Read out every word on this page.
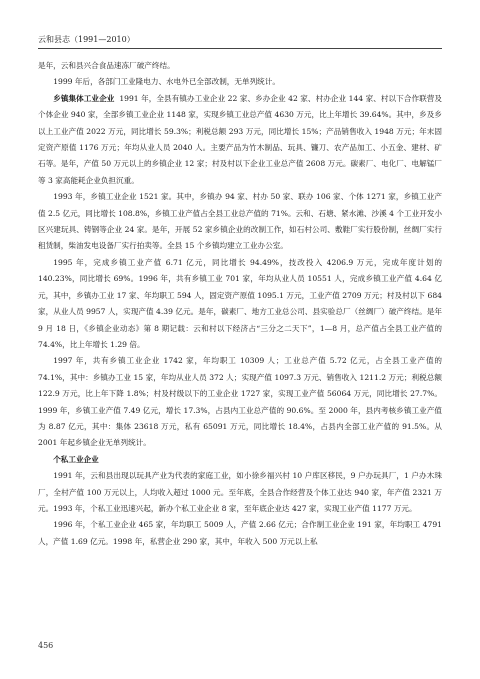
云和县志（1991—2010）

是年，云和县兴合食品速冻厂破产终结。

1999 年后，各部门工业隆电力、水电外已全部改制，无单列统计。

乡镇集体工业企业 1991 年，全县有镇办工业企业 22 家、乡办企业 42 家、村办企业 144 家、村以下合作联营及个体企业 940 家，全部乡镇工业企业 1148 家，实现乡镇工业总产值 4630 万元，比上年增长 39.64%。其中，乡及乡以上工业产值 2022 万元，同比增长 59.3%；利税总额 293 万元，同比增长 15%；产品销售收入 1948 万元；年末固定资产原值 1176 万元；年均从业人员 2040 人。主要产品为竹木制品、玩具、镰刀、农产品加工、小五金、建材、矿石等。是年，产值 50 万元以上的乡镇企业 12 家；村及村以下企业工业总产值 2608 万元。碳素厂、电化厂、电解锰厂等 3 家高能耗企业负担沉重。

1993 年，乡镇工业企业 1521 家。其中，乡镇办 94 家、村办 50 家、联办 106 家、个体 1271 家，乡镇工业产值 2.5 亿元，同比增长 108.8%，乡镇工业产值占全县工业总产值的 71%。云和、石塘、紧水滩、沙溪 4 个工业开发小区兴建玩具、铸钢等企业 24 家。是年，开展 52 家乡镇企业的改制工作，如石村公司、敷鞋厂实行股份制，丝绸厂实行租赁制，柴油发电设备厂实行拍卖等。全县 15 个乡镇均建立工业办公室。

1995 年，完成乡镇工业产值 6.71 亿元，同比增长 94.49%，技改投入 4206.9 万元，完成年度计划的 140.23%，同比增长 69%。1996 年，共有乡镇工业 701 家，年均从业人员 10551 人，完成乡镇工业产值 4.64 亿元，其中，乡镇办工业 17 家、年均职工 594 人，固定资产原值 1095.1 万元，工业产值 2709 万元；村及村以下 684 家，从业人员 9957 人，实现产值 4.39 亿元。是年，碳素厂、地方工业总公司、县实验总厂（丝绸厂）破产终结。是年 9 月 18 日，《乡镇企业动态》第 8 期记载：云和村以下经济占“三分之二天下”，1—8 月，总产值占全县工业产值的 74.4%，比上年增长 1.29 倍。

1997 年，共有乡镇工业企业 1742 家，年均职工 10309 人；工业总产值 5.72 亿元，占全县工业产值的 74.1%，其中：乡镇办工业 15 家，年均从业人员 372 人；实现产值 1097.3 万元、销售收入 1211.2 万元；利税总额 122.9 万元，比上年下降 1.8%；村及村级以下的工业企业 1727 家，实现工业产值 56064 万元，同比增长 27.7%。1999 年，乡镇工业产值 7.49 亿元，增长 17.3%，占县内工业总产值的 90.6%。至 2000 年，县内考核乡镇工业产值为 8.87 亿元，其中：集体 23618 万元，私有 65091 万元，同比增长 18.4%，占县内全部工业产值的 91.5%。从 2001 年起乡镇企业无单列统计。

个私工业企业

1991 年，云和县出现以玩具产业为代表的家庭工业，如小徐乡福兴村 10 户库区移民，9 户办玩具厂，1 户办木珠厂，全村产值 100 万元以上，人均收入超过 1000 元。至年底，全县合作经营及个体工业达 940 家，年产值 2321 万元。1993 年，个私工业迅速兴起，新办个私工业企业 8 家，至年底企业达 427 家，实现工业产值 1177 万元。

1996 年，个私工业企业 465 家，年均职工 5009 人，产值 2.66 亿元；合作制工业企业 191 家，年均职工 4791 人，产值 1.69 亿元。1998 年，私营企业 290 家，其中，年收入 500 万元以上私

456
